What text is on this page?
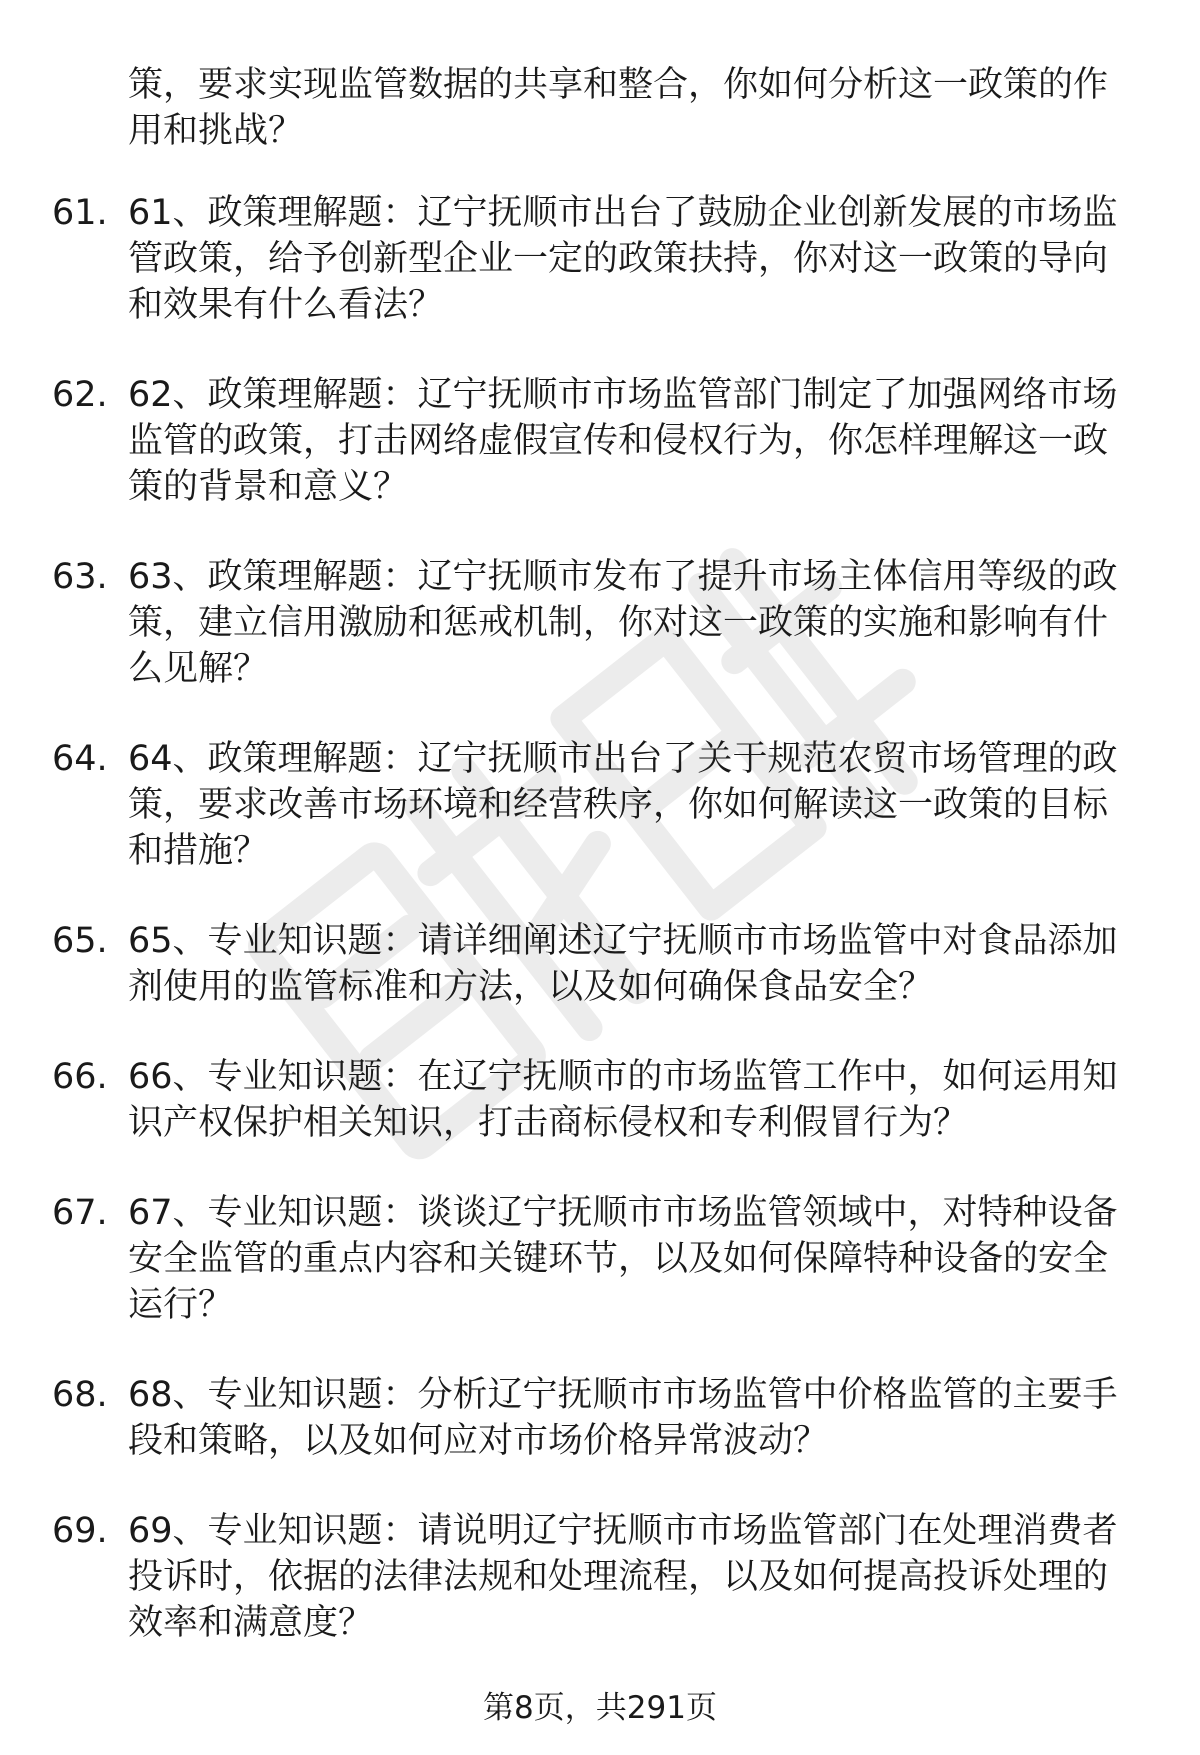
策，要求实现监管数据的共享和整合，你如何分析这一政策的作用和挑战？
61. 61、政策理解题：辽宁抚顺市出台了鼓励企业创新发展的市场监管政策，给予创新型企业一定的政策扶持，你对这一政策的导向和效果有什么看法？
62. 62、政策理解题：辽宁抚顺市市场监管部门制定了加强网络市场监管的政策，打击网络虚假宣传和侵权行为，你怎样理解这一政策的背景和意义？
63. 63、政策理解题：辽宁抚顺市发布了提升市场主体信用等级的政策，建立信用激励和惩戒机制，你对这一政策的实施和影响有什么见解？
64. 64、政策理解题：辽宁抚顺市出台了关于规范农贸市场管理的政策，要求改善市场环境和经营秩序，你如何解读这一政策的目标和措施？
65. 65、专业知识题：请详细阐述辽宁抚顺市市场监管中对食品添加剂使用的监管标准和方法，以及如何确保食品安全？
66. 66、专业知识题：在辽宁抚顺市的市场监管工作中，如何运用知识产权保护相关知识，打击商标侵权和专利假冒行为？
67. 67、专业知识题：谈谈辽宁抚顺市市场监管领域中，对特种设备安全监管的重点内容和关键环节，以及如何保障特种设备的安全运行？
68. 68、专业知识题：分析辽宁抚顺市市场监管中价格监管的主要手段和策略，以及如何应对市场价格异常波动？
69. 69、专业知识题：请说明辽宁抚顺市市场监管部门在处理消费者投诉时，依据的法律法规和处理流程，以及如何提高投诉处理的效率和满意度？
第8页，共291页
